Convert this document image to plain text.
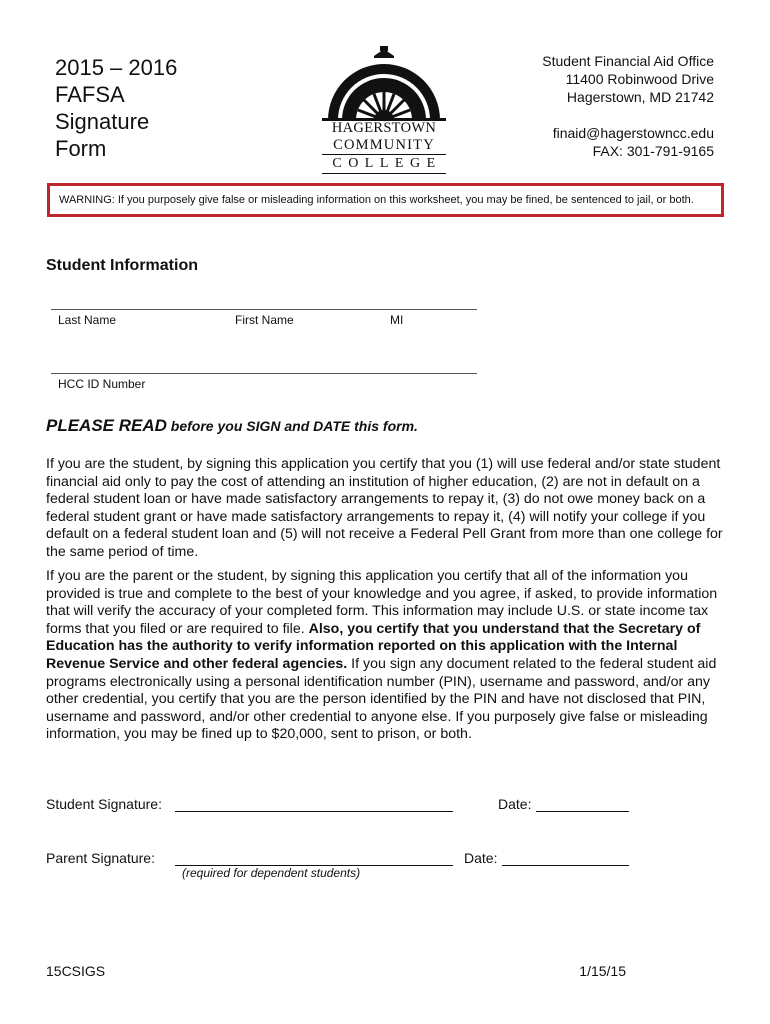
2015 – 2016
FAFSA
Signature
Form
HAGERSTOWN
COMMUNITY
COLLEGE
Student Financial Aid Office
11400 Robinwood Drive
Hagerstown, MD 21742
finaid@hagerstowncc.edu
FAX: 301-791-9165
WARNING: If you purposely give false or misleading information on this worksheet, you may be fined, be sentenced to jail, or both.
Student Information
Last Name	First Name	MI
HCC ID Number
PLEASE READ before you SIGN and DATE this form.
If you are the student, by signing this application you certify that you (1) will use federal and/or state student financial aid only to pay the cost of attending an institution of higher education, (2) are not in default on a federal student loan or have made satisfactory arrangements to repay it, (3) do not owe money back on a federal student grant or have made satisfactory arrangements to repay it, (4) will notify your college if you default on a federal student loan and (5) will not receive a Federal Pell Grant from more than one college for the same period of time.
If you are the parent or the student, by signing this application you certify that all of the information you provided is true and complete to the best of your knowledge and you agree, if asked, to provide information that will verify the accuracy of your completed form. This information may include U.S. or state income tax forms that you filed or are required to file. Also, you certify that you understand that the Secretary of Education has the authority to verify information reported on this application with the Internal Revenue Service and other federal agencies. If you sign any document related to the federal student aid programs electronically using a personal identification number (PIN), username and password, and/or any other credential, you certify that you are the person identified by the PIN and have not disclosed that PIN, username and password, and/or other credential to anyone else. If you purposely give false or misleading information, you may be fined up to $20,000, sent to prison, or both.
Student Signature:	Date:
Parent Signature:	Date:
(required for dependent students)
15CSIGS	1/15/15
